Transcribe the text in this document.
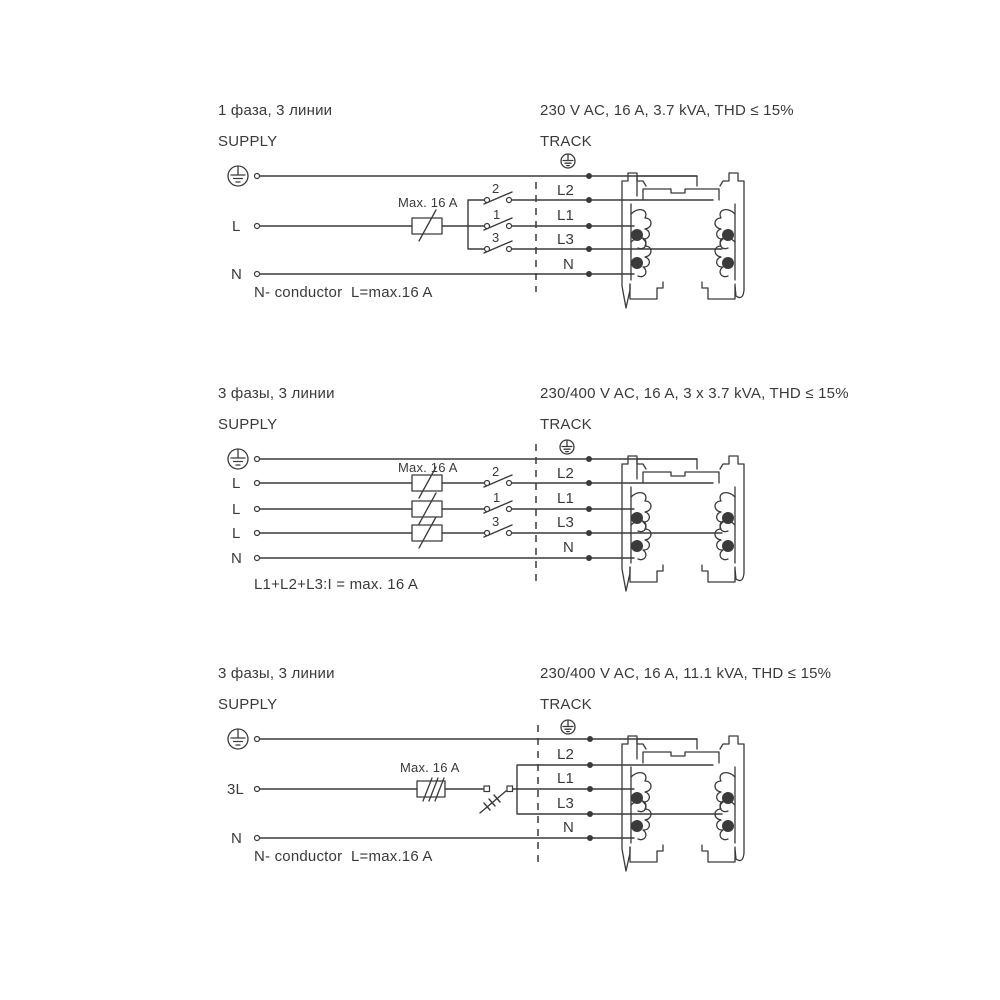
1 фаза, 3 линии	230 V AC, 16 A, 3.7 kVA, THD ≤ 15%
SUPPLY	TRACK
Max. 16 A
L
N
2
1
3
L2
L1
L3
N
N- conductor  L=max.16 A
3 фазы, 3 линии	230/400 V AC, 16 A, 3 x 3.7 kVA, THD ≤ 15%
SUPPLY	TRACK
Max. 16 A
L
L
L
N
2
1
3
L2
L1
L3
N
L1+L2+L3:I = max. 16 A
3 фазы, 3 линии	230/400 V AC, 16 A, 11.1 kVA, THD ≤ 15%
SUPPLY	TRACK
Max. 16 A
3L
N
L2
L1
L3
N
N- conductor  L=max.16 A
